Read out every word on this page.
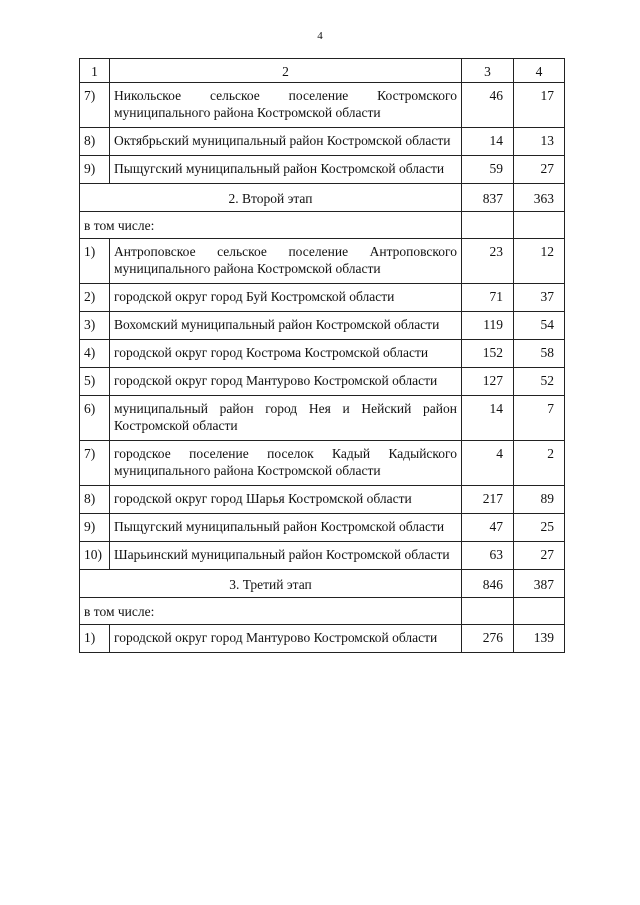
4
1	2	3	4
7)	Никольское сельское поселение Костромского муниципального района Костромской области	46	17
8)	Октябрьский муниципальный район Костромской области	14	13
9)	Пыщугский муниципальный район Костромской области	59	27
2. Второй этап		837	363
в том числе:			
1)	Антроповское сельское поселение Антроповского муниципального района Костромской области	23	12
2)	городской округ город Буй Костромской области	71	37
3)	Вохомский муниципальный район Костромской области	119	54
4)	городской округ город Кострома Костромской области	152	58
5)	городской округ город Мантурово Костромской области	127	52
6)	муниципальный район город Нея и Нейский район Костромской области	14	7
7)	городское поселение поселок Кадый Кадыйского муниципального района Костромской области	4	2
8)	городской округ город Шарья Костромской области	217	89
9)	Пыщугский муниципальный район Костромской области	47	25
10)	Шарьинский муниципальный район Костромской области	63	27
3. Третий этап		846	387
в том числе:			
1)	городской округ город Мантурово Костромской области	276	139
